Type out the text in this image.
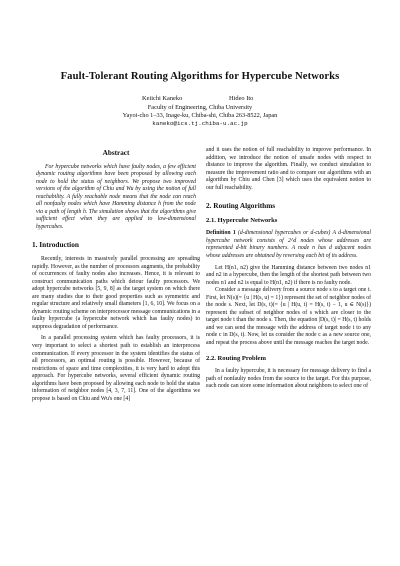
Fault-Tolerant Routing Algorithms for Hypercube Networks
Keiichi Kaneko	Hideo Ito
Faculty of Engineering, Chiba University
Yayoi-cho 1–33, Inage-ku, Chiba-shi, Chiba 263-8522, Japan
kaneko@ics.tj.chiba-u.ac.jp
Abstract

For hypercube networks which have faulty nodes, a few efficient dynamic routing algorithms have been proposed by allowing each node to hold the status of neighbors. We propose two improved versions of the algorithm of Chiu and Wu by using the notion of full reachability. A fully reachable node means that the node can reach all nonfaulty nodes which have Hamming distance h from the node via a path of length h. The simulation shows that the algorithms give sufficient effect when they are applied to low-dimensional hypercubes.

1. Introduction

Recently, interests in massively parallel processing are spreading rapidly. However, as the number of processors augments, the probability of occurrences of faulty nodes also increases. Hence, it is relevant to construct communication paths which detour faulty processors. We adopt hypercube networks [5, 9, 8] as the target system on which there are many studies due to their good properties such as symmetric and regular structure and relatively small diameters [1, 6, 10]. We focus on a dynamic routing scheme on interprocessor message communications in a faulty hypercube (a hypercube network which has faulty nodes) to suppress degradation of performance.

In a parallel processing system which has faulty processors, it is very important to select a shortest path to establish an interprocess communication. If every processor in the system identifies the status of all processors, an optimal routing is possible. However, because of restrictions of space and time complexities, it is very hard to adopt this approach. For hypercube networks, several efficient dynamic routing algorithms have been proposed by allowing each node to hold the status information of neighbor nodes [4, 3, 7, 11]. One of the algorithms we propose is based on Chiu and Wu's one [4]

and it uses the notion of full reachability to improve performance. In addition, we introduce the notion of unsafe nodes with respect to distance to improve the algorithm. Finally, we conduct simulation to measure the improvement ratio and to compare our algorithms with an algorithm by Chiu and Chen [3] which uses the equivalent notion to our full reachability.

2. Routing Algorithms
2.1. Hypercube Networks

Definition 1 (d-dimensional hypercubes or d-cubes) A d-dimensional hypercube network consists of 2^d nodes whose addresses are represented d-bit binary numbers. A node n has d adjacent nodes whose addresses are obtained by reversing each bit of its address.

Let H(n1, n2) give the Hamming distance between two nodes n1 and n2 in a hypercube, then the length of the shortest path between two nodes n1 and n2 is equal to H(n1, n2) if there is no faulty node.

Consider a message delivery from a source node s to a target one t. First, let N(s)(= {u | H(s, u) = 1}) represent the set of neighbor nodes of the node s. Next, let D(s, t)(= {u | H(u, t) = H(s, t) − 1, u ∈ N(s)}) represent the subset of neighbor nodes of s which are closer to the target node t than the node s. Then, the equation |D(s, t)| = H(s, t) holds and we can send the message with the address of target node t to any node c in D(s, t). Now, let us consider the node c as a new source one, and repeat the process above until the message reaches the target node.

2.2. Routing Problem

In a faulty hypercube, it is necessary for message delivery to find a path of nonfaulty nodes from the source to the target. For this purpose, each node can store some information about neighbors to select one of
